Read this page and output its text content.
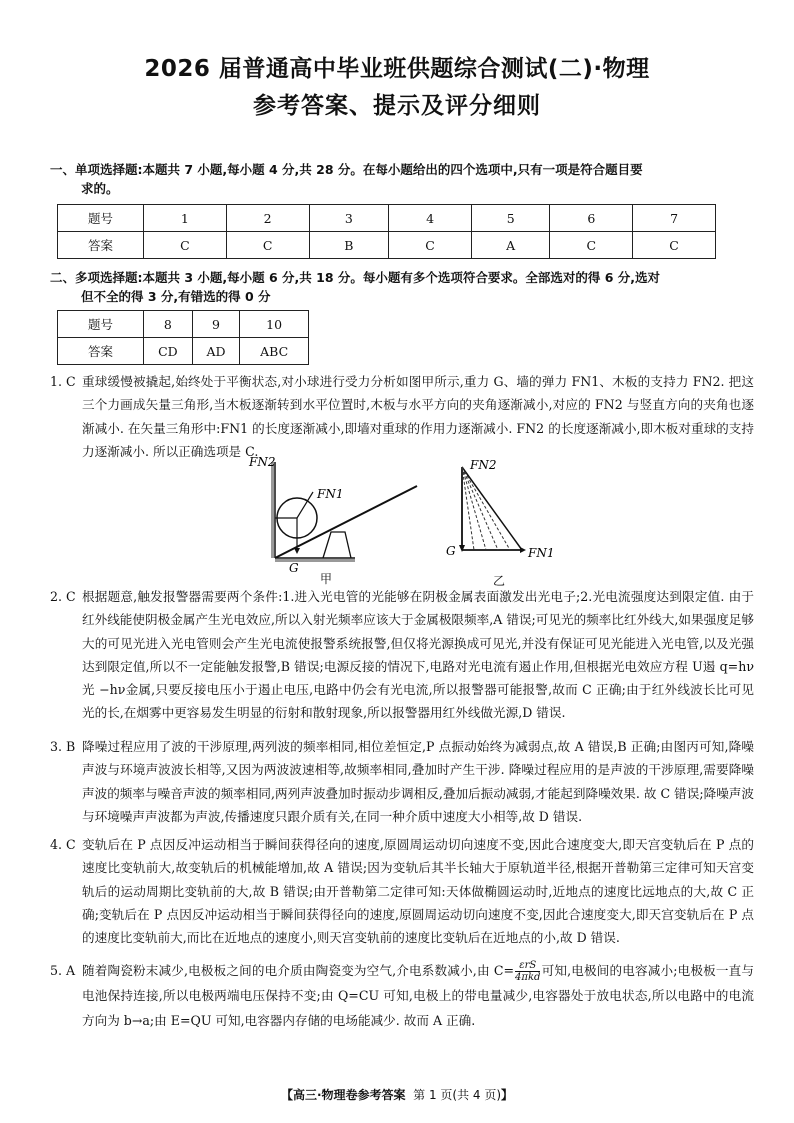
2026 届普通高中毕业班供题综合测试(二)·物理
参考答案、提示及评分细则
一、单项选择题:本题共 7 小题,每小题 4 分,共 28 分。在每小题给出的四个选项中,只有一项是符合题目要
求的。
题号	1	2	3	4	5	6	7
答案	C	C	B	C	A	C	C
二、多项选择题:本题共 3 小题,每小题 6 分,共 18 分。每小题有多个选项符合要求。全部选对的得 6 分,选对
但不全的得 3 分,有错选的得 0 分
题号	8	9	10
答案	CD	AD	ABC
1. C 重球缓慢被撬起,始终处于平衡状态,对小球进行受力分析如图甲所示,重力 G、墙的弹力 FN1、木板的支持力 FN2. 把这三个力画成矢量三角形,当木板逐渐转到水平位置时,木板与水平方向的夹角逐渐减小,对应的 FN2 与竖直方向的夹角也逐渐减小. 在矢量三角形中:FN1 的长度逐渐减小,即墙对重球的作用力逐渐减小. FN2 的长度逐渐减小,即木板对重球的支持力逐渐减小. 所以正确选项是 C.
FN2
FN1
G
甲
FN2
G	FN1
乙
2. C 根据题意,触发报警器需要两个条件:1.进入光电管的光能够在阴极金属表面激发出光电子;2.光电流强度达到限定值. 由于红外线能使阴极金属产生光电效应,所以入射光频率应该大于金属极限频率,A 错误;可见光的频率比红外线大,如果强度足够大的可见光进入光电管则会产生光电流使报警系统报警,但仅将光源换成可见光,并没有保证可见光能进入光电管,以及光强达到限定值,所以不一定能触发报警,B 错误;电源反接的情况下,电路对光电流有遏止作用,但根据光电效应方程 U遏 q=hν光 −hν金属,只要反接电压小于遏止电压,电路中仍会有光电流,所以报警器可能报警,故而 C 正确;由于红外线波长比可见光的长,在烟雾中更容易发生明显的衍射和散射现象,所以报警器用红外线做光源,D 错误.
3. B 降噪过程应用了波的干涉原理,两列波的频率相同,相位差恒定,P 点振动始终为减弱点,故 A 错误,B 正确;由图丙可知,降噪声波与环境声波波长相等,又因为两波波速相等,故频率相同,叠加时产生干涉. 降噪过程应用的是声波的干涉原理,需要降噪声波的频率与噪音声波的频率相同,两列声波叠加时振动步调相反,叠加后振动减弱,才能起到降噪效果. 故 C 错误;降噪声波与环境噪声声波都为声波,传播速度只跟介质有关,在同一种介质中速度大小相等,故 D 错误.
4. C 变轨后在 P 点因反冲运动相当于瞬间获得径向的速度,原圆周运动切向速度不变,因此合速度变大,即天宫变轨后在 P 点的速度比变轨前大,故变轨后的机械能增加,故 A 错误;因为变轨后其半长轴大于原轨道半径,根据开普勒第三定律可知天宫变轨后的运动周期比变轨前的大,故 B 错误;由开普勒第二定律可知:天体做椭圆运动时,近地点的速度比远地点的大,故 C 正确;变轨后在 P 点因反冲运动相当于瞬间获得径向的速度,原圆周运动切向速度不变,因此合速度变大,即天宫变轨后在 P 点的速度比变轨前大,而比在近地点的速度小,则天宫变轨前的速度比变轨后在近地点的小,故 D 错误.
5. A 随着陶瓷粉末减少,电极板之间的电介质由陶瓷变为空气,介电系数减小,由 C= εrS
4πkd 可知,电极间的电容减小;电极板一直与电池保持连接,所以电极两端电压保持不变;由 Q=CU 可知,电极上的带电量减少,电容器处于放电状态,所以电路中的电流方向为 b→a;由 E=QU 可知,电容器内存储的电场能减少. 故而 A 正确.
【高三·物理卷参考答案 第 1 页(共 4 页)】
